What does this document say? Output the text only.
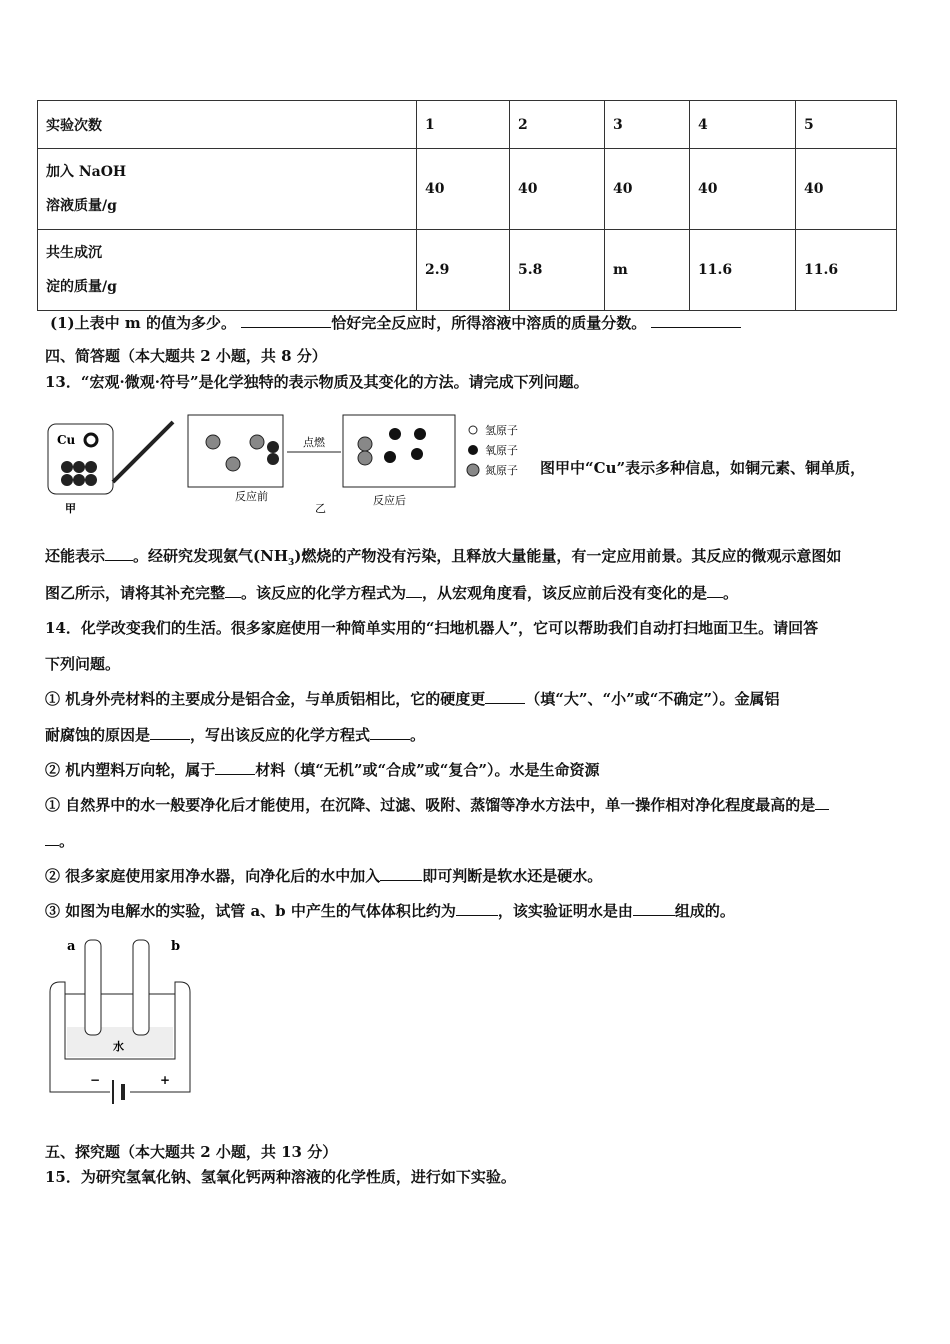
实验次数	1	2	3	4	5
加入 NaOH
溶液质量/g	40	40	40	40	40
共生成沉
淀的质量/g	2.9	5.8	m	11.6	11.6
(1)上表中 m 的值为多少。	恰好完全反应时，所得溶液中溶质的质量分数。
四、简答题（本大题共 2 小题，共 8 分）
13．“宏观·微观·符号”是化学独特的表示物质及其变化的方法。请完成下列问题。
Cu
甲
反应前
点燃
乙
反应后
氢原子
氧原子
氮原子 图甲中“Cu”表示多种信息，如铜元素、铜单质，
还能表示 。经研究发现氨气$(NH_3)$燃烧的产物没有污染，且释放大量能量，有一定应用前景。其反应的微观示意图如
图乙所示，请将其补充完整 。该反应的化学方程式为 ，从宏观角度看，该反应前后没有变化的是 。
14．化学改变我们的生活。很多家庭使用一种简单实用的“扫地机器人”，它可以帮助我们自动打扫地面卫生。请回答
下列问题。
① 机身外壳材料的主要成分是铝合金，与单质铝相比，它的硬度更	（填“大”、“小”或“不确定”）。金属铝
耐腐蚀的原因是	，写出该反应的化学方程式	。
② 机内塑料万向轮，属于	材料（填“无机”或“合成”或“复合”）。水是生命资源
① 自然界中的水一般要净化后才能使用，在沉降、过滤、吸附、蒸馏等净水方法中，单一操作相对净化程度最高的是
。
② 很多家庭使用家用净水器，向净化后的水中加入	即可判断是软水还是硬水。
③ 如图为电解水的实验，试管 a、b 中产生的气体体积比约为	，该实验证明水是由	组成的。
a	b
水
−	+
五、探究题（本大题共 2 小题，共 13 分）
15．为研究氢氧化钠、氢氧化钙两种溶液的化学性质，进行如下实验。
